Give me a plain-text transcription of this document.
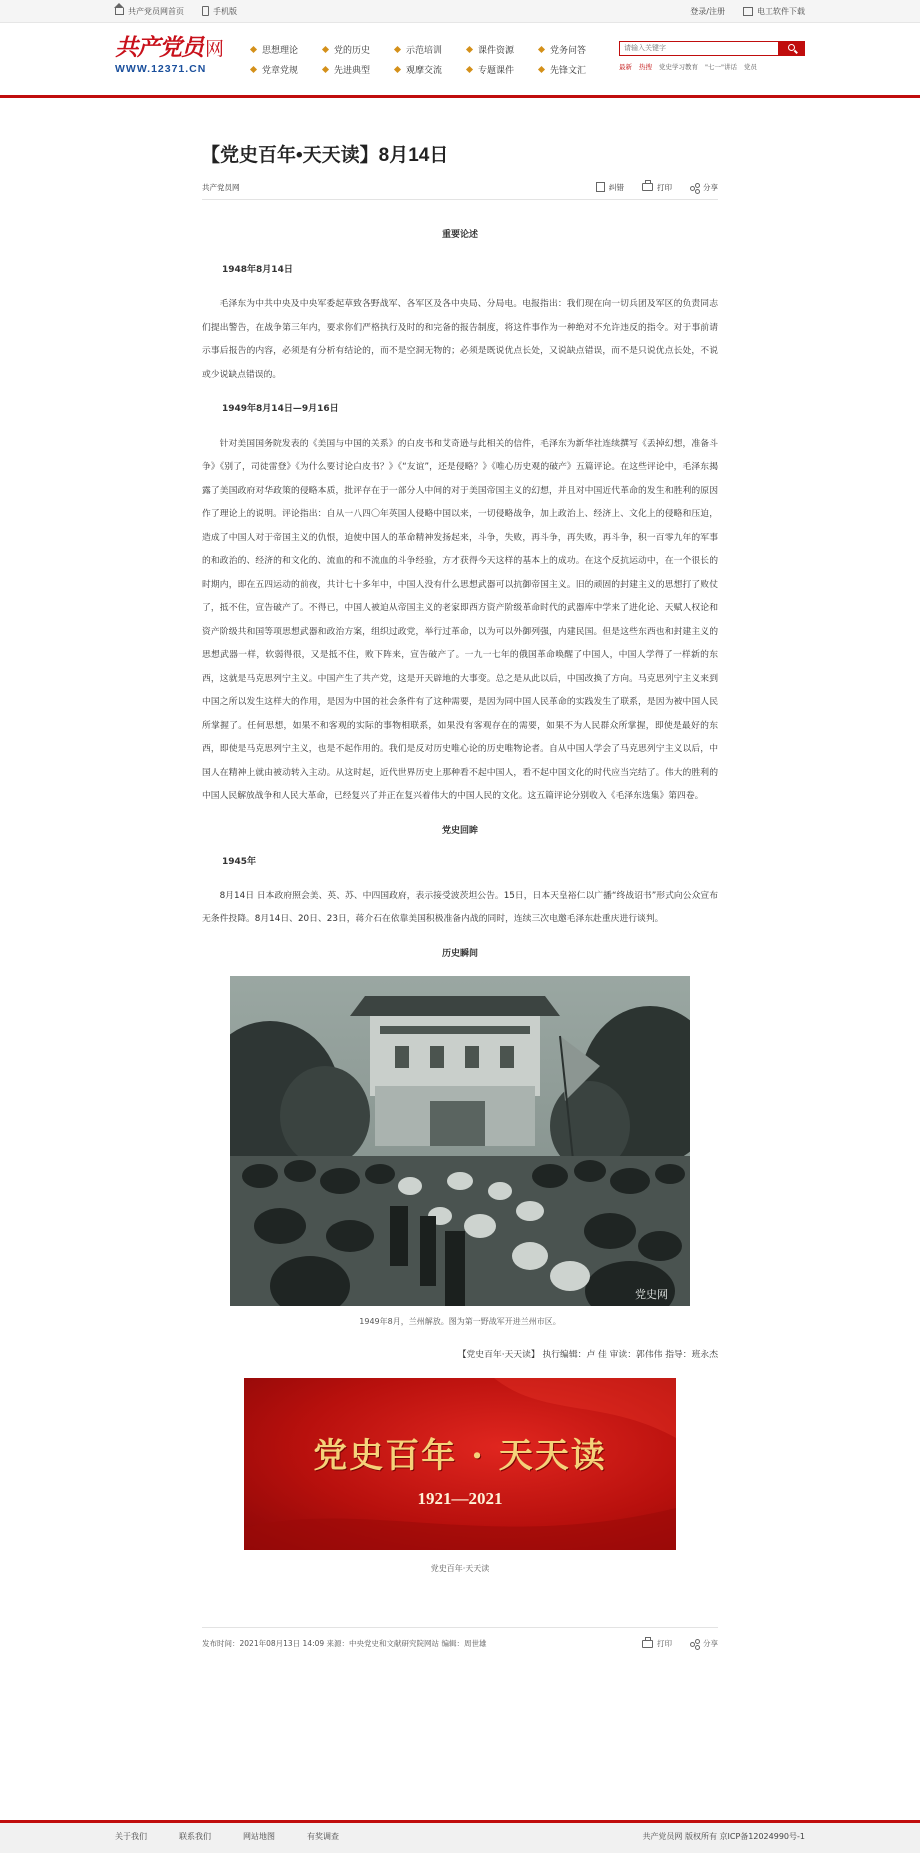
共产党员网首页	手机版	登录/注册	电工软件下载
共产党员 网
WWW.12371.CN
思想理论	党的历史	示范培训	课件资源	党务问答
党章党规	先进典型	观摩交流	专题课件	先锋文汇
请输入关键字	最新 热搜 党史学习教育 "七一"讲话 党员
【党史百年•天天读】8月14日
共产党员网	纠错	打印	分享

重要论述

1948年8月14日

毛泽东为中共中央及中央军委起草致各野战军、各军区及各中央局、分局电。电报指出：我们现在向一切兵团及军区的负责同志们提出警告，在战争第三年内，要求你们严格执行及时的和完备的报告制度，将这件事作为一种绝对不允许违反的指令。对于事前请示事后报告的内容，必须是有分析有结论的，而不是空洞无物的；必须是既说优点长处，又说缺点错误，而不是只说优点长处，不说或少说缺点错误的。

1949年8月14日—9月16日

针对美国国务院发表的《美国与中国的关系》的白皮书和艾奇逊与此相关的信件，毛泽东为新华社连续撰写《丢掉幻想，准备斗争》《别了，司徒雷登》《为什么要讨论白皮书？》《“友谊”，还是侵略？》《唯心历史观的破产》五篇评论。在这些评论中，毛泽东揭露了美国政府对华政策的侵略本质，批评存在于一部分人中间的对于美国帝国主义的幻想，并且对中国近代革命的发生和胜利的原因作了理论上的说明。评论指出：自从一八四〇年英国人侵略中国以来，一切侵略战争，加上政治上、经济上、文化上的侵略和压迫，造成了中国人对于帝国主义的仇恨，迫使中国人的革命精神发扬起来，斗争，失败，再斗争，再失败，再斗争，积一百零九年的军事的和政治的、经济的和文化的、流血的和不流血的斗争经验，方才获得今天这样的基本上的成功。在这个反抗运动中，在一个很长的时期内，即在五四运动的前夜，共计七十多年中，中国人没有什么思想武器可以抗御帝国主义。旧的顽固的封建主义的思想打了败仗了，抵不住，宣告破产了。不得已，中国人被迫从帝国主义的老家即西方资产阶级革命时代的武器库中学来了进化论、天赋人权论和资产阶级共和国等项思想武器和政治方案，组织过政党，举行过革命，以为可以外御列强，内建民国。但是这些东西也和封建主义的思想武器一样，软弱得很，又是抵不住，败下阵来，宣告破产了。一九一七年的俄国革命唤醒了中国人，中国人学得了一样新的东西，这就是马克思列宁主义。中国产生了共产党，这是开天辟地的大事变。总之是从此以后，中国改换了方向。马克思列宁主义来到中国之所以发生这样大的作用，是因为中国的社会条件有了这种需要，是因为同中国人民革命的实践发生了联系，是因为被中国人民所掌握了。任何思想，如果不和客观的实际的事物相联系，如果没有客观存在的需要，如果不为人民群众所掌握，即使是最好的东西，即使是马克思列宁主义，也是不起作用的。我们是反对历史唯心论的历史唯物论者。自从中国人学会了马克思列宁主义以后，中国人在精神上就由被动转入主动。从这时起，近代世界历史上那种看不起中国人，看不起中国文化的时代应当完结了。伟大的胜利的中国人民解放战争和人民大革命，已经复兴了并正在复兴着伟大的中国人民的文化。这五篇评论分别收入《毛泽东选集》第四卷。

党史回眸

1945年

8月14日 日本政府照会美、英、苏、中四国政府，表示接受波茨坦公告。15日，日本天皇裕仁以广播“终战诏书”形式向公众宣布无条件投降。8月14日、20日、23日，蒋介石在依靠美国积极准备内战的同时，连续三次电邀毛泽东赴重庆进行谈判。

历史瞬间

党史网
1949年8月，兰州解放。图为第一野战军开进兰州市区。
【党史百年·天天读】 执行编辑：卢 佳 审读：郭伟伟 指导：班永杰
党史百年 · 天天读
1921—2021
党史百年·天天读
发布时间：2021年08月13日 14:09 来源：中央党史和文献研究院网站 编辑：周世雄	打印	分享
关于我们	联系我们	网站地图	有奖调查	共产党员网 版权所有 京ICP备12024990号-1
